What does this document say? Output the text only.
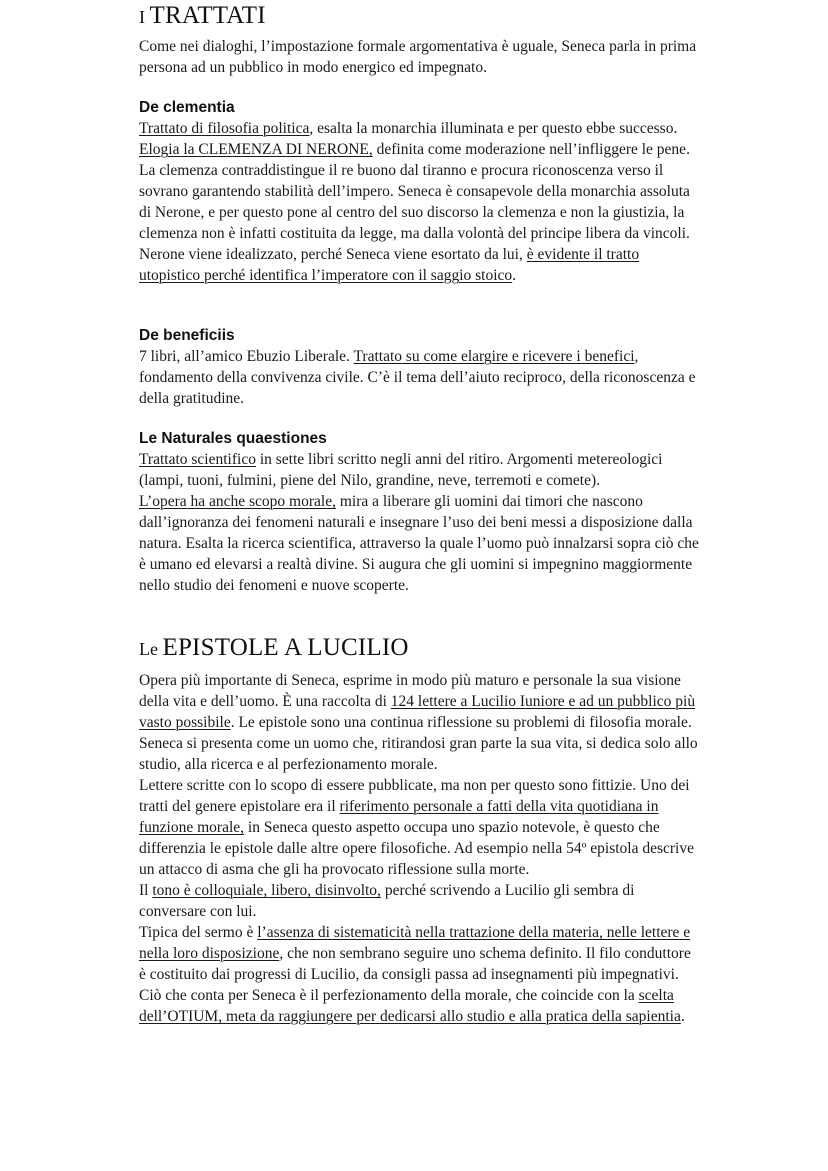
I TRATTATI

Come nei dialoghi, l’impostazione formale argomentativa è uguale, Seneca parla in prima persona ad un pubblico in modo energico ed impegnato.

De clementia

Trattato di filosofia politica, esalta la monarchia illuminata e per questo ebbe successo. Elogia la CLEMENZA DI NERONE, definita come moderazione nell’infliggere le pene. La clemenza contraddistingue il re buono dal tiranno e procura riconoscenza verso il sovrano garantendo stabilità dell’impero. Seneca è consapevole della monarchia assoluta di Nerone, e per questo pone al centro del suo discorso la clemenza e non la giustizia, la clemenza non è infatti costituita da legge, ma dalla volontà del principe libera da vincoli. Nerone viene idealizzato, perché Seneca viene esortato da lui, è evidente il tratto utopistico perché identifica l’imperatore con il saggio stoico.

De beneficiis

7 libri, all’amico Ebuzio Liberale. Trattato su come elargire e ricevere i benefici, fondamento della convivenza civile. C’è il tema dell’aiuto reciproco, della riconoscenza e della gratitudine.

Le Naturales quaestiones

Trattato scientifico in sette libri scritto negli anni del ritiro. Argomenti metereologici (lampi, tuoni, fulmini, piene del Nilo, grandine, neve, terremoti e comete).

L’opera ha anche scopo morale, mira a liberare gli uomini dai timori che nascono dall’ignoranza dei fenomeni naturali e insegnare l’uso dei beni messi a disposizione dalla natura. Esalta la ricerca scientifica, attraverso la quale l’uomo può innalzarsi sopra ciò che è umano ed elevarsi a realtà divine. Si augura che gli uomini si impegnino maggiormente nello studio dei fenomeni e nuove scoperte.

Le EPISTOLE A LUCILIO

Opera più importante di Seneca, esprime in modo più maturo e personale la sua visione della vita e dell’uomo. È una raccolta di 124 lettere a Lucilio Iuniore e ad un pubblico più vasto possibile. Le epistole sono una continua riflessione su problemi di filosofia morale. Seneca si presenta come un uomo che, ritirandosi gran parte la sua vita, si dedica solo allo studio, alla ricerca e al perfezionamento morale.

Lettere scritte con lo scopo di essere pubblicate, ma non per questo sono fittizie. Uno dei tratti del genere epistolare era il riferimento personale a fatti della vita quotidiana in funzione morale, in Seneca questo aspetto occupa uno spazio notevole, è questo che differenzia le epistole dalle altre opere filosofiche. Ad esempio nella 54º epistola descrive un attacco di asma che gli ha provocato riflessione sulla morte.

Il tono è colloquiale, libero, disinvolto, perché scrivendo a Lucilio gli sembra di conversare con lui.

Tipica del sermo è l’assenza di sistematicità nella trattazione della materia, nelle lettere e nella loro disposizione, che non sembrano seguire uno schema definito. Il filo conduttore è costituito dai progressi di Lucilio, da consigli passa ad insegnamenti più impegnativi.

Ciò che conta per Seneca è il perfezionamento della morale, che coincide con la scelta dell’OTIUM, meta da raggiungere per dedicarsi allo studio e alla pratica della sapientia.
